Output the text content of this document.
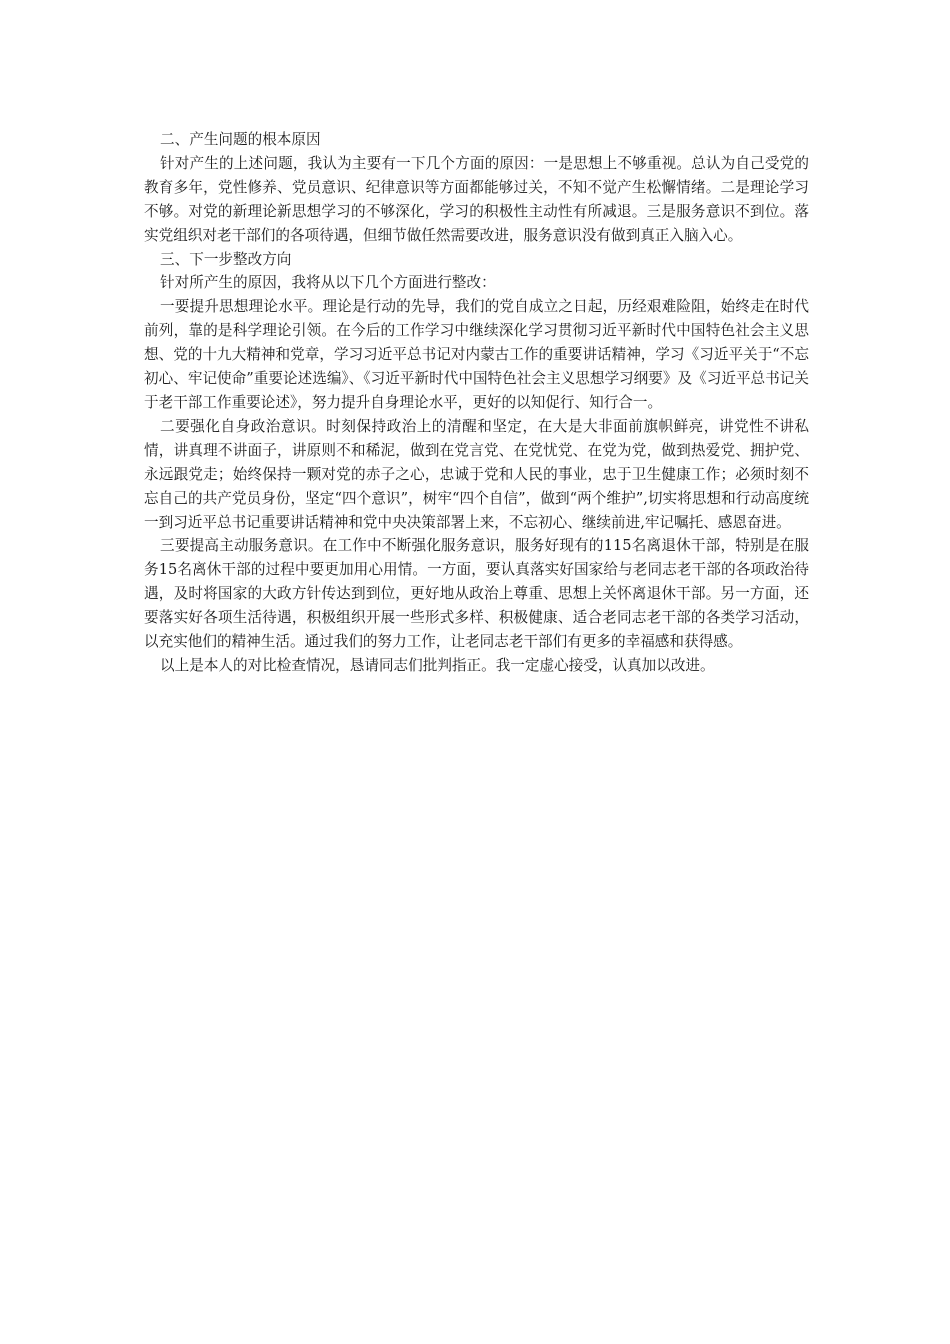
二、产生问题的根本原因

针对产生的上述问题，我认为主要有一下几个方面的原因：一是思想上不够重视。总认为自己受党的教育多年，党性修养、党员意识、纪律意识等方面都能够过关，不知不觉产生松懈情绪。二是理论学习不够。对党的新理论新思想学习的不够深化，学习的积极性主动性有所减退。三是服务意识不到位。落实党组织对老干部们的各项待遇，但细节做任然需要改进，服务意识没有做到真正入脑入心。

三、下一步整改方向

针对所产生的原因，我将从以下几个方面进行整改：

一要提升思想理论水平。理论是行动的先导，我们的党自成立之日起，历经艰难险阻，始终走在时代前列，靠的是科学理论引领。在今后的工作学习中继续深化学习贯彻习近平新时代中国特色社会主义思想、党的十九大精神和党章，学习习近平总书记对内蒙古工作的重要讲话精神，学习《习近平关于“不忘初心、牢记使命”重要论述选编》、《习近平新时代中国特色社会主义思想学习纲要》及《习近平总书记关于老干部工作重要论述》，努力提升自身理论水平，更好的以知促行、知行合一。

二要强化自身政治意识。时刻保持政治上的清醒和坚定，在大是大非面前旗帜鲜亮，讲党性不讲私情，讲真理不讲面子，讲原则不和稀泥，做到在党言党、在党忧党、在党为党，做到热爱党、拥护党、永远跟党走；始终保持一颗对党的赤子之心，忠诚于党和人民的事业，忠于卫生健康工作；必须时刻不忘自己的共产党员身份，坚定“四个意识”，树牢“四个自信”，做到“两个维护”,切实将思想和行动高度统一到习近平总书记重要讲话精神和党中央决策部署上来，不忘初心、继续前进,牢记嘱托、感恩奋进。

三要提高主动服务意识。在工作中不断强化服务意识，服务好现有的115名离退休干部，特别是在服务15名离休干部的过程中要更加用心用情。一方面，要认真落实好国家给与老同志老干部的各项政治待遇，及时将国家的大政方针传达到到位，更好地从政治上尊重、思想上关怀离退休干部。另一方面，还要落实好各项生活待遇，积极组织开展一些形式多样、积极健康、适合老同志老干部的各类学习活动，以充实他们的精神生活。通过我们的努力工作，让老同志老干部们有更多的幸福感和获得感。

以上是本人的对比检查情况，恳请同志们批判指正。我一定虚心接受，认真加以改进。
